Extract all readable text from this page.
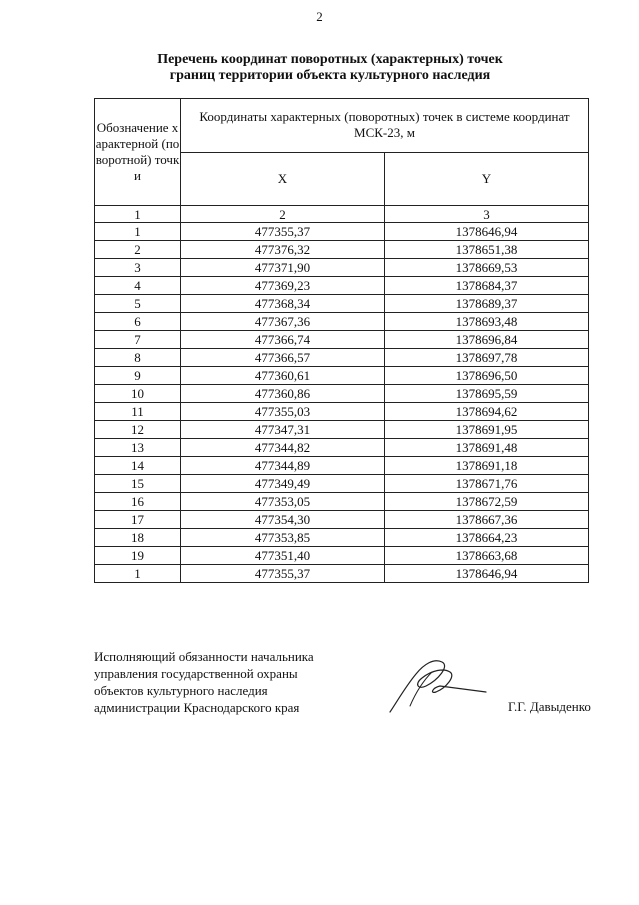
2
Перечень координат поворотных (характерных) точек
границ территории объекта культурного наследия
Обозначение характерной (поворотной) точки	Координаты характерных (поворотных) точек в системе координат МСК-23, м	
	X	Y
1	2	3
1	477355,37	1378646,94
2	477376,32	1378651,38
3	477371,90	1378669,53
4	477369,23	1378684,37
5	477368,34	1378689,37
6	477367,36	1378693,48
7	477366,74	1378696,84
8	477366,57	1378697,78
9	477360,61	1378696,50
10	477360,86	1378695,59
11	477355,03	1378694,62
12	477347,31	1378691,95
13	477344,82	1378691,48
14	477344,89	1378691,18
15	477349,49	1378671,76
16	477353,05	1378672,59
17	477354,30	1378667,36
18	477353,85	1378664,23
19	477351,40	1378663,68
1	477355,37	1378646,94
Исполняющий обязанности начальника
управления государственной охраны
объектов культурного наследия
администрации Краснодарского края	Г.Г. Давыденко
